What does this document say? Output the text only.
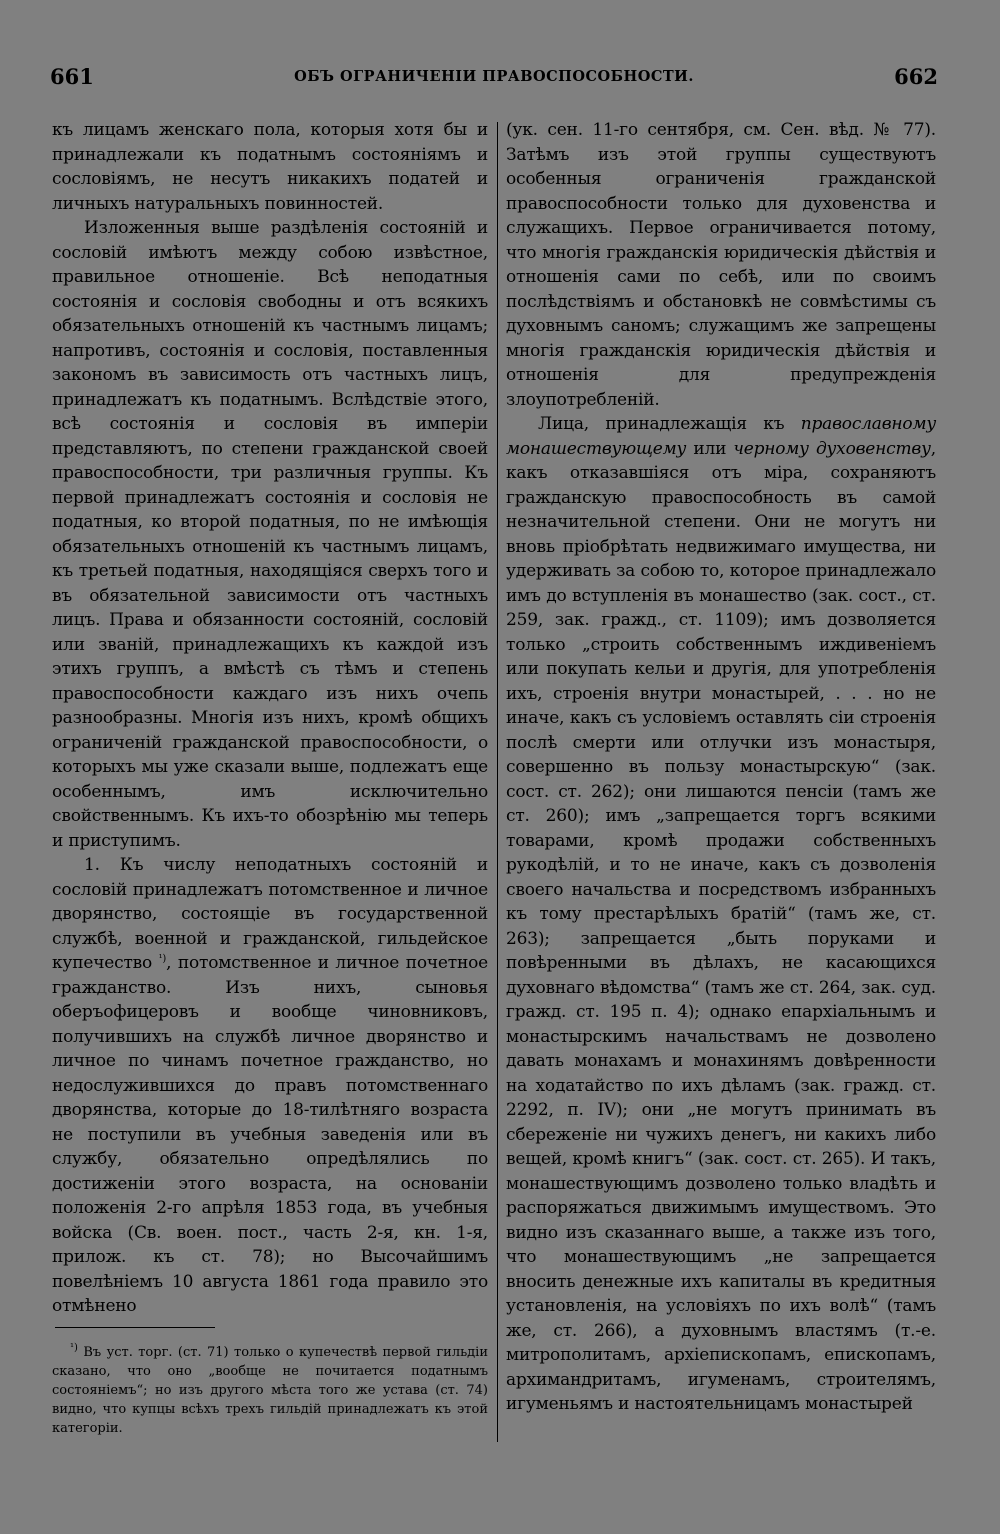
661	ОБЪ ОГРАНИЧЕНІИ ПРАВОСПОСОБНОСТИ.	662

къ лицамъ женскаго пола, которыя хотя бы и принадлежали къ податнымъ состояніямъ и сословіямъ, не несутъ никакихъ податей и личныхъ натуральныхъ повинностей.

Изложенныя выше раздѣленія состояній и сословій имѣютъ между собою извѣстное, правильное отношеніе. Всѣ неподатныя состоянія и сословія свободны и отъ всякихъ обязательныхъ отношеній къ частнымъ лицамъ; напротивъ, состоянія и сословія, поставленныя закономъ въ зависимость отъ частныхъ лицъ, принадлежатъ къ податнымъ. Вслѣдствіе этого, всѣ состоянія и сословія въ имперіи представляютъ, по степени гражданской своей правоспособности, три различныя группы. Къ первой принадлежатъ состоянія и сословія не податныя, ко второй податныя, по не имѣющія обязательныхъ отношеній къ частнымъ лицамъ, къ третьей податныя, находящіяся сверхъ того и въ обязательной зависимости отъ частныхъ лицъ. Права и обязанности состояній, сословій или званій, принадлежащихъ къ каждой изъ этихъ группъ, а вмѣстѣ съ тѣмъ и степень правоспособности каждаго изъ нихъ очепь разнообразны. Многія изъ нихъ, кромѣ общихъ ограниченій гражданской правоспособности, о которыхъ мы уже сказали выше, подлежатъ еще особеннымъ, имъ исключительно свойственнымъ. Къ ихъ-то обозрѣнію мы теперь и приступимъ.

1. Къ числу неподатныхъ состояній и сословій принадлежатъ потомственное и личное дворянство, состоящіе въ государственной службѣ, военной и гражданской, гильдейское купечество $^{^1)}$, потомственное и личное почетное гражданство. Изъ нихъ, сыновья оберъофицеровъ и вообще чиновниковъ, получившихъ на службѣ личное дворянство и личное по чинамъ почетное гражданство, но недослужившихся до правъ потомственнаго дворянства, которые до 18-тилѣтняго возраста не поступили въ учебныя заведенія или въ службу, обязательно опредѣлялись по достиженіи этого возраста, на основаніи положенія 2-го апрѣля 1853 года, въ учебныя войска (Св. воен. пост., часть 2-я, кн. 1-я, прилож. къ ст. 78); но Высочайшимъ повелѣніемъ 10 августа 1861 года правило это отмѣнено

$^{^1)}$ Въ уст. торг. (ст. 71) только о купечествѣ первой гильдіи сказано, что оно „вообще не почитается податнымъ состояніемъ“; но изъ другого мѣста того же устава (ст. 74) видно, что купцы всѣхъ трехъ гильдій принадлежатъ къ этой категоріи.

(ук. сен. 11-го сентября, см. Сен. вѣд. № 77). Затѣмъ изъ этой группы существуютъ особенныя ограниченія гражданской правоспособности только для духовенства и служащихъ. Первое ограничивается потому, что многія гражданскія юридическія дѣйствія и отношенія сами по себѣ, или по своимъ послѣдствіямъ и обстановкѣ не совмѣстимы съ духовнымъ саномъ; служащимъ же запрещены многія гражданскія юридическія дѣйствія и отношенія для предупрежденія злоупотребленій.

Лица, принадлежащія къ православному монашествующему или черному духовенству, какъ отказавшіяся отъ міра, сохраняютъ гражданскую правоспособность въ самой незначительной степени. Они не могутъ ни вновь пріобрѣтать недвижимаго имущества, ни удерживать за собою то, которое принадлежало имъ до вступленія въ монашество (зак. сост., ст. 259, зак. гражд., ст. 1109); имъ дозволяется только „строить собственнымъ иждивеніемъ или покупать кельи и другія, для употребленія ихъ, строенія внутри монастырей, . . . но не иначе, какъ съ условіемъ оставлять сіи строенія послѣ смерти или отлучки изъ монастыря, совершенно въ пользу монастырскую“ (зак. сост. ст. 262); они лишаются пенсіи (тамъ же ст. 260); имъ „запрещается торгъ всякими товарами, кромѣ продажи собственныхъ рукодѣлій, и то не иначе, какъ съ дозволенія своего начальства и посредствомъ избранныхъ къ тому престарѣлыхъ братій“ (тамъ же, ст. 263); запрещается „быть поруками и повѣренными въ дѣлахъ, не касающихся духовнаго вѣдомства“ (тамъ же ст. 264, зак. суд. гражд. ст. 195 п. 4); однако епархіальнымъ и монастырскимъ начальствамъ не дозволено давать монахамъ и монахинямъ довѣренности на ходатайство по ихъ дѣламъ (зак. гражд. ст. 2292, п. IV); они „не могутъ принимать въ сбереженіе ни чужихъ денегъ, ни какихъ либо вещей, кромѣ книгъ“ (зак. сост. ст. 265). И такъ, монашествующимъ дозволено только владѣть и распоряжаться движимымъ имуществомъ. Это видно изъ сказаннаго выше, а также изъ того, что монашествующимъ „не запрещается вносить денежные ихъ капиталы въ кредитныя установленія, на условіяхъ по ихъ волѣ“ (тамъ же, ст. 266), а духовнымъ властямъ (т.-е. митрополитамъ, архіепископамъ, епископамъ, архимандритамъ, игуменамъ, строителямъ, игуменьямъ и настоятельницамъ монастырей
